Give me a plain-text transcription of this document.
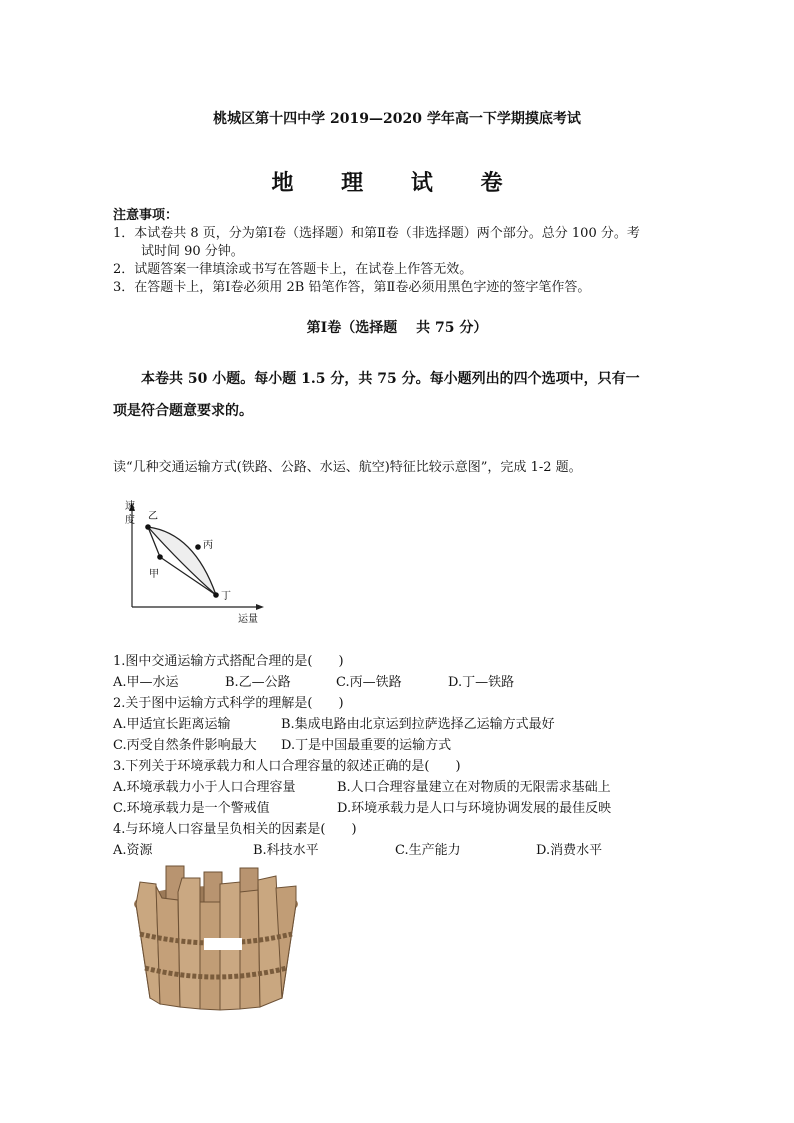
桃城区第十四中学 2019—2020 学年高一下学期摸底考试
地 理 试 卷
注意事项：
1．本试卷共 8 页，分为第Ⅰ卷（选择题）和第Ⅱ卷（非选择题）两个部分。总分 100 分。考
试时间 90 分钟。
2．试题答案一律填涂或书写在答题卡上，在试卷上作答无效。
3．在答题卡上，第Ⅰ卷必须用 2B 铅笔作答，第Ⅱ卷必须用黑色字迹的签字笔作答。
第Ⅰ卷（选择题　 共 75 分）
本卷共 50 小题。每小题 1.5 分，共 75 分。每小题列出的四个选项中，只有一
项是符合题意要求的。
读“几种交通运输方式(铁路、公路、水运、航空)特征比较示意图”，完成 1-2 题。
速
度 乙
丙
甲
丁
运量
1.图中交通运输方式搭配合理的是(　　)
A.甲—水运	B.乙—公路	C.丙—铁路	D.丁—铁路
2.关于图中运输方式科学的理解是(　　)
A.甲适宜长距离运输	B.集成电路由北京运到拉萨选择乙运输方式最好
C.丙受自然条件影响最大 D.丁是中国最重要的运输方式
3.下列关于环境承载力和人口合理容量的叙述正确的是(　　)
A.环境承载力小于人口合理容量	B.人口合理容量建立在对物质的无限需求基础上
C.环境承载力是一个警戒值	D.环境承载力是人口与环境协调发展的最佳反映
4.与环境人口容量呈负相关的因素是(　　)
A.资源	B.科技水平	C.生产能力	D.消费水平
